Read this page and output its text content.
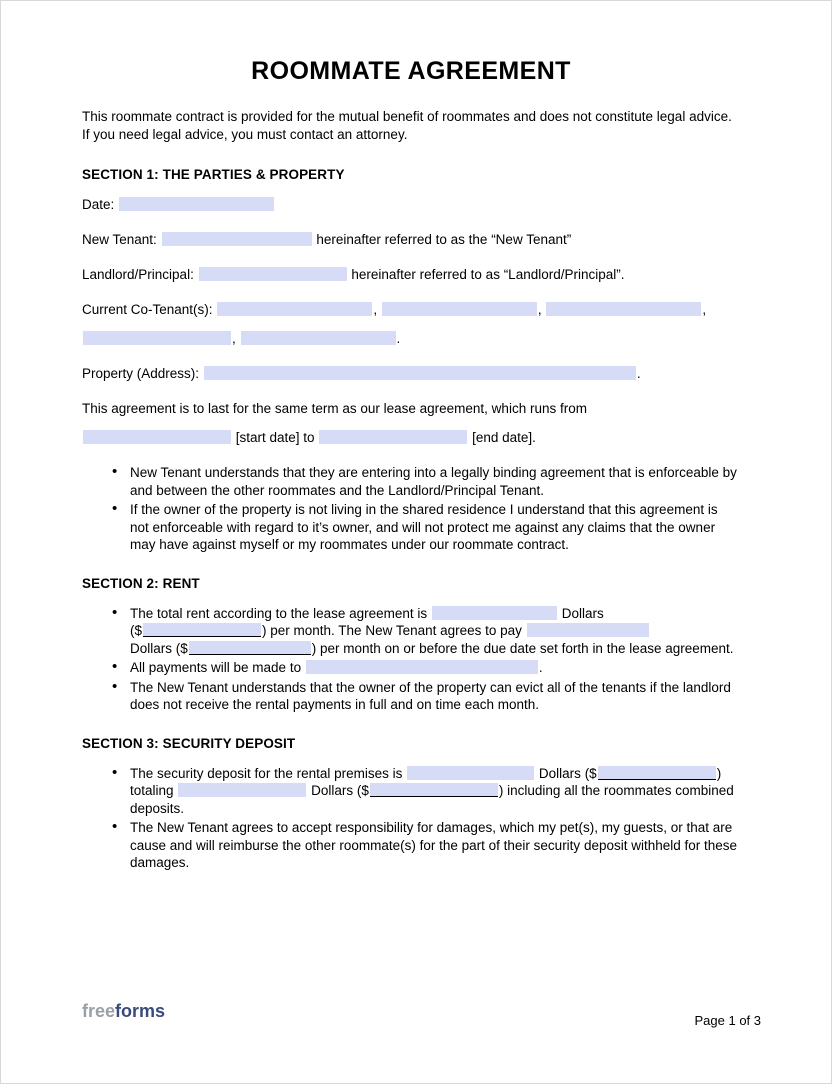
ROOMMATE AGREEMENT

This roommate contract is provided for the mutual benefit of roommates and does not constitute legal advice. If you need legal advice, you must contact an attorney.

SECTION 1: THE PARTIES & PROPERTY

Date:

New Tenant:	hereinafter referred to as the “New Tenant”

Landlord/Principal:	hereinafter referred to as “Landlord/Principal”.

Current Co-Tenant(s):	,	,	,

,	.

Property (Address):	.

This agreement is to last for the same term as our lease agreement, which runs from

[start date] to	[end date].

• New Tenant understands that they are entering into a legally binding agreement that is enforceable by and between the other roommates and the Landlord/Principal Tenant.
• If the owner of the property is not living in the shared residence I understand that this agreement is not enforceable with regard to it’s owner, and will not protect me against any claims that the owner may have against myself or my roommates under our roommate contract.
SECTION 2: RENT
• The total rent according to the lease agreement is	Dollars ($	) per month. The New Tenant agrees to pay  Dollars ($	) per month on or before the due date set forth in the lease agreement.
• All payments will be made to	.
• The New Tenant understands that the owner of the property can evict all of the tenants if the landlord does not receive the rental payments in full and on time each month.
SECTION 3: SECURITY DEPOSIT
• The security deposit for the rental premises is	Dollars ($	) totaling	Dollars ($	) including all the roommates combined deposits.
• The New Tenant agrees to accept responsibility for damages, which my pet(s), my guests, or that are cause and will reimburse the other roommate(s) for the part of their security deposit withheld for these damages.
freeforms	Page 1 of 3
